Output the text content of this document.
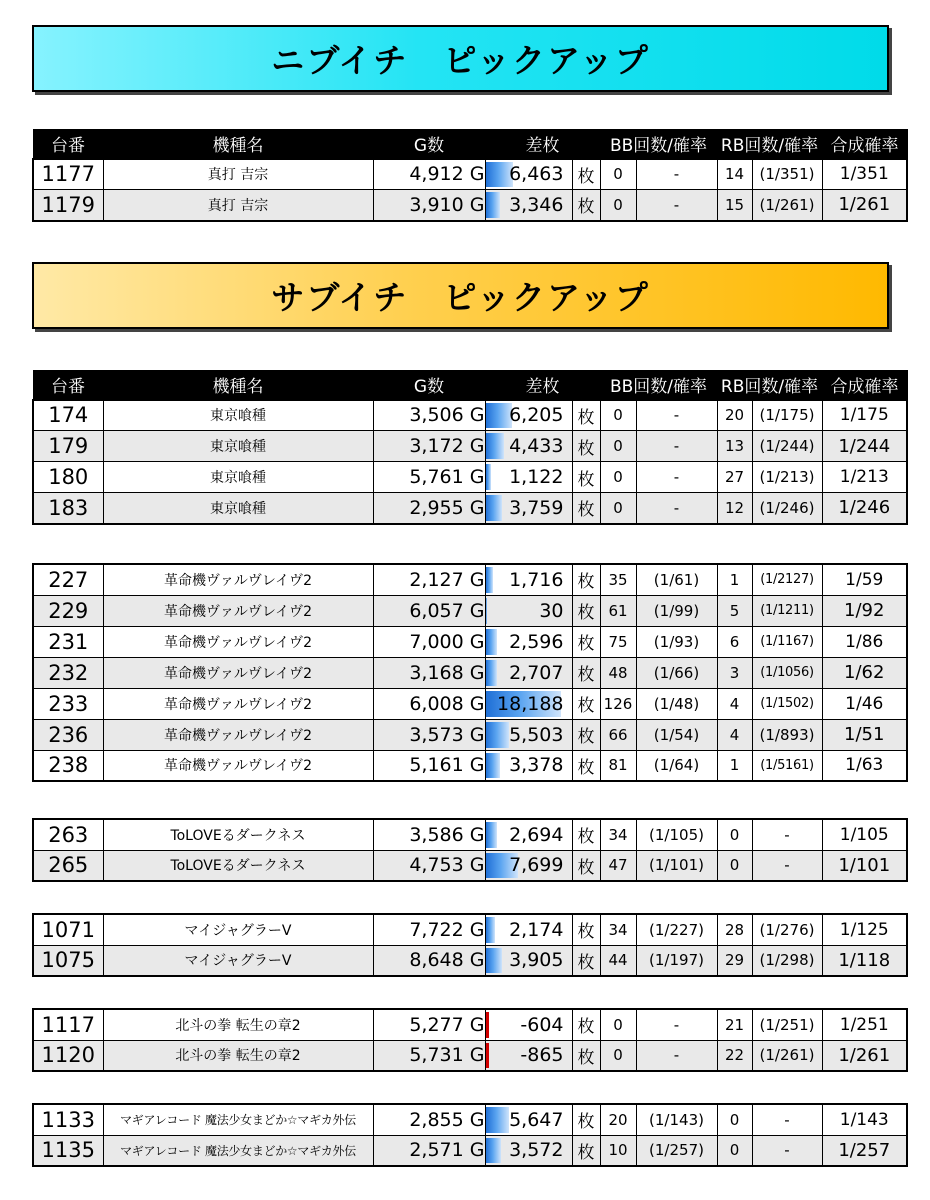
ニブイチ　ピックアップ
サブイチ　ピックアップ
台番	機種名	G数	差枚		BB回数/確率		RB回数/確率		合成確率
1177	真打 吉宗	4,912 G	6,463	枚	0	-	14	(1/351)	1/351
1179	真打 吉宗	3,910 G	3,346	枚	0	-	15	(1/261)	1/261
台番	機種名	G数	差枚		BB回数/確率		RB回数/確率		合成確率
174	東京喰種	3,506 G	6,205	枚	0	-	20	(1/175)	1/175
179	東京喰種	3,172 G	4,433	枚	0	-	13	(1/244)	1/244
180	東京喰種	5,761 G	1,122	枚	0	-	27	(1/213)	1/213
183	東京喰種	2,955 G	3,759	枚	0	-	12	(1/246)	1/246
227	革命機ヴァルヴレイヴ2	2,127 G	1,716	枚	35	(1/61)	1	(1/2127)	1/59
229	革命機ヴァルヴレイヴ2	6,057 G	30	枚	61	(1/99)	5	(1/1211)	1/92
231	革命機ヴァルヴレイヴ2	7,000 G	2,596	枚	75	(1/93)	6	(1/1167)	1/86
232	革命機ヴァルヴレイヴ2	3,168 G	2,707	枚	48	(1/66)	3	(1/1056)	1/62
233	革命機ヴァルヴレイヴ2	6,008 G	18,188	枚	126	(1/48)	4	(1/1502)	1/46
236	革命機ヴァルヴレイヴ2	3,573 G	5,503	枚	66	(1/54)	4	(1/893)	1/51
238	革命機ヴァルヴレイヴ2	5,161 G	3,378	枚	81	(1/64)	1	(1/5161)	1/63
263	ToLOVEるダークネス	3,586 G	2,694	枚	34	(1/105)	0	-	1/105
265	ToLOVEるダークネス	4,753 G	7,699	枚	47	(1/101)	0	-	1/101
1071	マイジャグラーV	7,722 G	2,174	枚	34	(1/227)	28	(1/276)	1/125
1075	マイジャグラーV	8,648 G	3,905	枚	44	(1/197)	29	(1/298)	1/118
1117	北斗の拳 転生の章2	5,277 G	-604	枚	0	-	21	(1/251)	1/251
1120	北斗の拳 転生の章2	5,731 G	-865	枚	0	-	22	(1/261)	1/261
1133	マギアレコード 魔法少女まどか☆マギカ外伝	2,855 G	5,647	枚	20	(1/143)	0	-	1/143
1135	マギアレコード 魔法少女まどか☆マギカ外伝	2,571 G	3,572	枚	10	(1/257)	0	-	1/257
